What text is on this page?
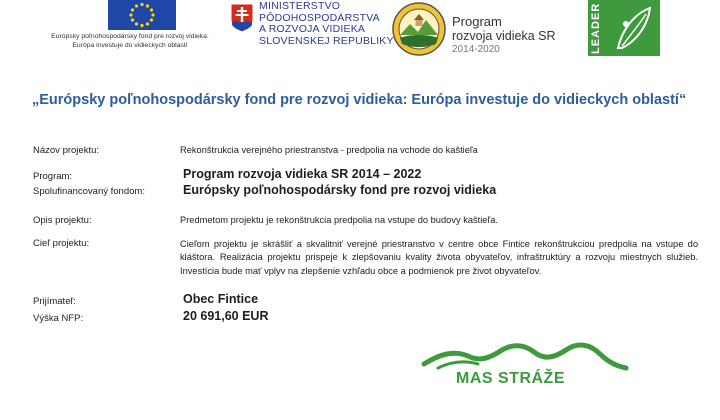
Európsky poľnohospodársky fond pre rozvoj vidieka:
Európa investuje do vidieckych oblastí
MINISTERSTVO
PÔDOHOSPODÁRSTVA
A ROZVOJA VIDIEKA
SLOVENSKEJ REPUBLIKY
Program
rozvoja vidieka SR
2014-2020	LEADER
„Európsky poľnohospodársky fond pre rozvoj vidieka: Európa investuje do vidieckych oblastí“
Názov projektu:	Rekonštrukcia verejného priestranstva - predpolia na vchode do kaštieľa
Program:	Program rozvoja vidieka SR 2014 – 2022
Spolufinancovaný fondom:	Európsky poľnohospodársky fond pre rozvoj vidieka
Opis projektu:	Predmetom projektu je rekonštrukcia predpolia na vstupe do budovy kaštieľa.
Cieľ projektu:	Cieľom projektu je skrášliť a skvalitniť verejné priestranstvo v centre obce Fintice rekonštrukciou predpolia na vstupe do kláštora. Realizácia projektu prispeje k zlepšovaniu kvality života obyvateľov, infraštruktúry a rozvoju miestnych služieb. Investícia bude mať vplyv na zlepšenie vzhľadu obce a podmienok pre život obyvateľov.
Prijímateľ:	Obec Fintice
Výška NFP:	20 691,60 EUR
MAS STRÁŽE
